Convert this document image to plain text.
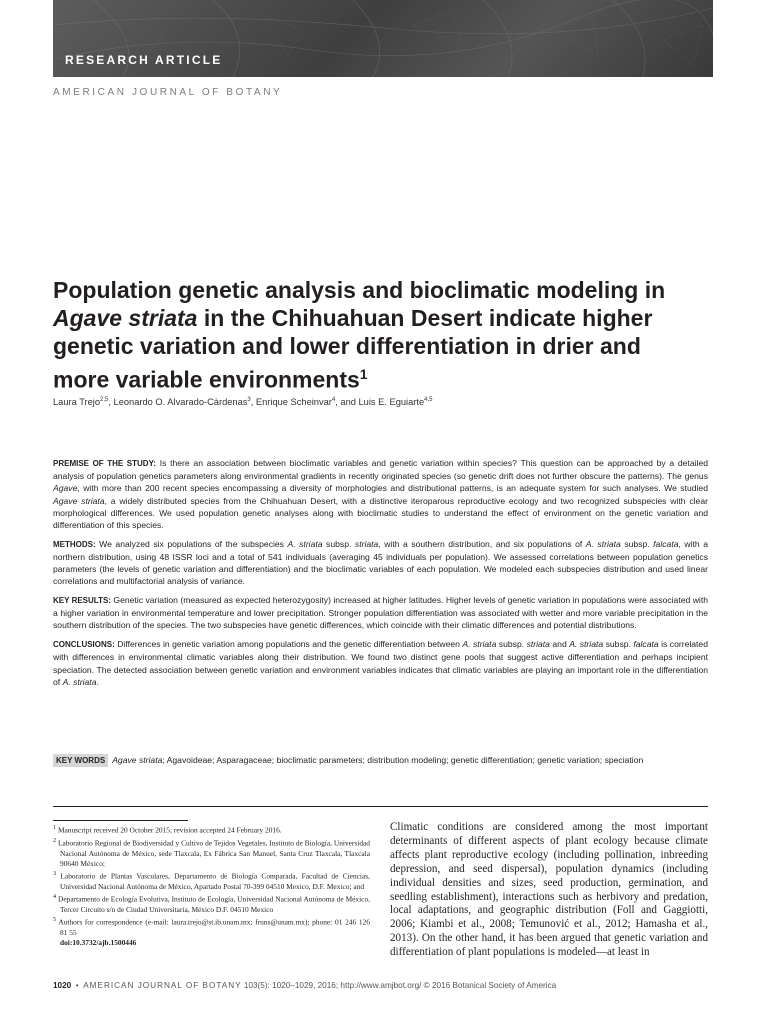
RESEARCH ARTICLE
AMERICAN JOURNAL OF BOTANY
Population genetic analysis and bioclimatic modeling in Agave striata in the Chihuahuan Desert indicate higher genetic variation and lower differentiation in drier and more variable environments$^1$
Laura Trejo$^{2,5}$, Leonardo O. Alvarado-Cárdenas$^3$, Enrique Scheinvar$^4$, and Luis E. Eguiarte$^{4,5}$

PREMISE OF THE STUDY: Is there an association between bioclimatic variables and genetic variation within species? This question can be approached by a detailed analysis of population genetics parameters along environmental gradients in recently originated species (so genetic drift does not further obscure the patterns). The genus Agave, with more than 200 recent species encompassing a diversity of morphologies and distributional patterns, is an adequate system for such analyses. We studied Agave striata, a widely distributed species from the Chihuahuan Desert, with a distinctive iteroparous reproductive ecology and two recognized subspecies with clear morphological differences. We used population genetic analyses along with bioclimatic studies to understand the effect of environment on the genetic variation and differentiation of this species.

METHODS: We analyzed six populations of the subspecies A. striata subsp. striata, with a southern distribution, and six populations of A. striata subsp. falcata, with a northern distribution, using 48 ISSR loci and a total of 541 individuals (averaging 45 individuals per population). We assessed correlations between population genetics parameters (the levels of genetic variation and differentiation) and the bioclimatic variables of each population. We modeled each subspecies distribution and used linear correlations and multifactorial analysis of variance.

KEY RESULTS: Genetic variation (measured as expected heterozygosity) increased at higher latitudes. Higher levels of genetic variation in populations were associated with a higher variation in environmental temperature and lower precipitation. Stronger population differentiation was associated with wetter and more variable precipitation in the southern distribution of the species. The two subspecies have genetic differences, which coincide with their climatic differences and potential distributions.

CONCLUSIONS: Differences in genetic variation among populations and the genetic differentiation between A. striata subsp. striata and A. striata subsp. falcata is correlated with differences in environmental climatic variables along their distribution. We found two distinct gene pools that suggest active differentiation and perhaps incipient speciation. The detected association between genetic variation and environment variables indicates that climatic variables are playing an important role in the differentiation of A. striata.

KEY WORDS Agave striata; Agavoideae; Asparagaceae; bioclimatic parameters; distribution modeling; genetic differentiation; genetic variation; speciation
$^1$ Manuscript received 20 October 2015; revision accepted 24 February 2016.
$^2$ Laboratorio Regional de Biodiversidad y Cultivo de Tejidos Vegetales, Instituto de Biología, Universidad Nacional Autónoma de México, sede Tlaxcala, Ex Fábrica San Manuel, Santa Cruz Tlaxcala, Tlaxcala 90640 México;
$^3$ Laboratorio de Plantas Vasculares, Departamento de Biología Comparada, Facultad de Ciencias, Universidad Nacional Autónoma de México, Apartado Postal 70-399 04510 Mexico, D.F. Mexico; and
$^4$ Departamento de Ecología Evolutiva, Instituto de Ecología, Universidad Nacional Autónoma de México, Tercer Circuito s/n de Ciudad Universitaria, México D.F. 04510 Mexico
$^5$ Authors for correspondence (e-mail: laura.trejo@st.ib.unam.mx; fruns@unam.mx); phone: 01 246 126 81 55
doi:10.3732/ajb.1500446

Climatic conditions are considered among the most important determinants of different aspects of plant ecology because climate affects plant reproductive ecology (including pollination, inbreeding depression, and seed dispersal), population dynamics (including individual densities and sizes, seed production, germination, and seedling establishment), interactions such as herbivory and predation, local adaptations, and geographic distribution (Foll and Gaggiotti, 2006; Kiambi et al., 2008; Temunović et al., 2012; Hamasha et al., 2013). On the other hand, it has been argued that genetic variation and differentiation of plant populations is modeled—at least in

1020 • AMERICAN JOURNAL OF BOTANY 103(5): 1020–1029, 2016; http://www.amjbot.org/ © 2016 Botanical Society of America
